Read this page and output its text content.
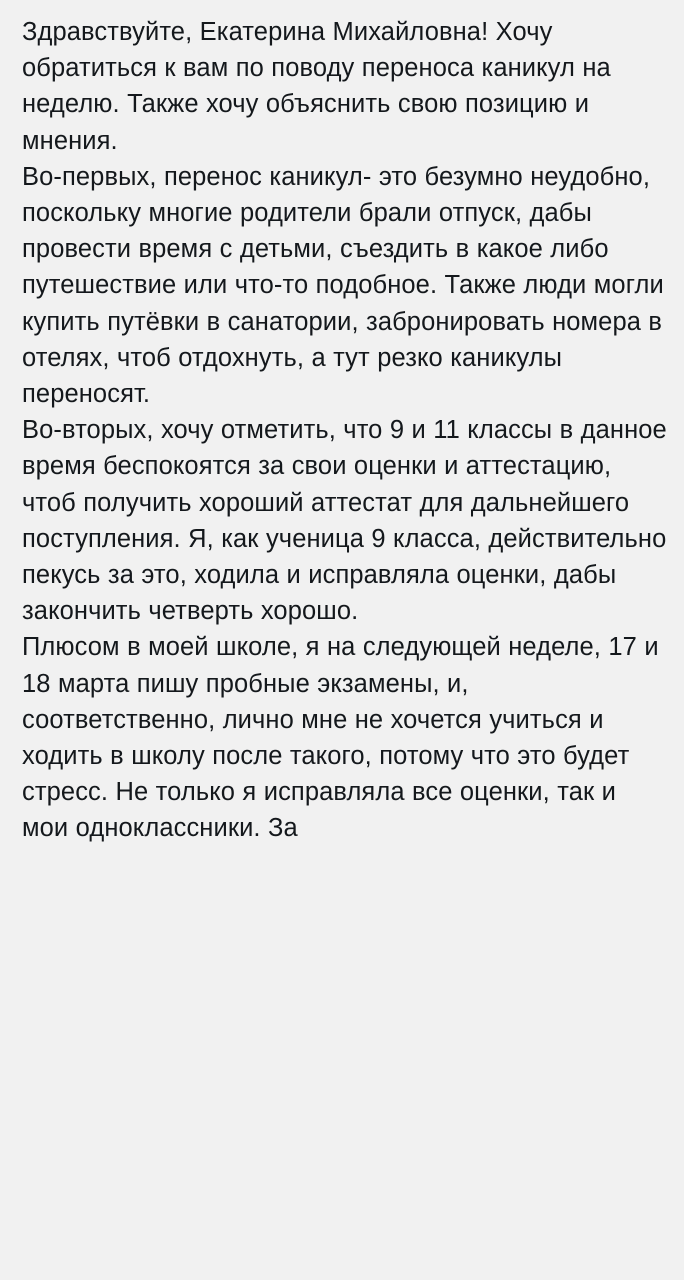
Здравствуйте, Екатерина Михайловна! Хочу обратиться к вам по поводу переноса каникул на неделю. Также хочу объяснить свою позицию и мнения.

Во-первых, перенос каникул- это безумно неудобно, поскольку многие родители брали отпуск, дабы провести время с детьми, съездить в какое либо путешествие или что-то подобное. Также люди могли купить путёвки в санатории, забронировать номера в отелях, чтоб отдохнуть, а тут резко каникулы переносят.

Во-вторых, хочу отметить, что 9 и 11 классы в данное время беспокоятся за свои оценки и аттестацию, чтоб получить хороший аттестат для дальнейшего поступления. Я, как ученица 9 класса, действительно пекусь за это, ходила и исправляла оценки, дабы закончить четверть хорошо.

Плюсом в моей школе, я на следующей неделе, 17 и 18 марта пишу пробные экзамены, и, соответственно, лично мне не хочется учиться и ходить в школу после такого, потому что это будет стресс. Не только я исправляла все оценки, так и мои одноклассники. За
